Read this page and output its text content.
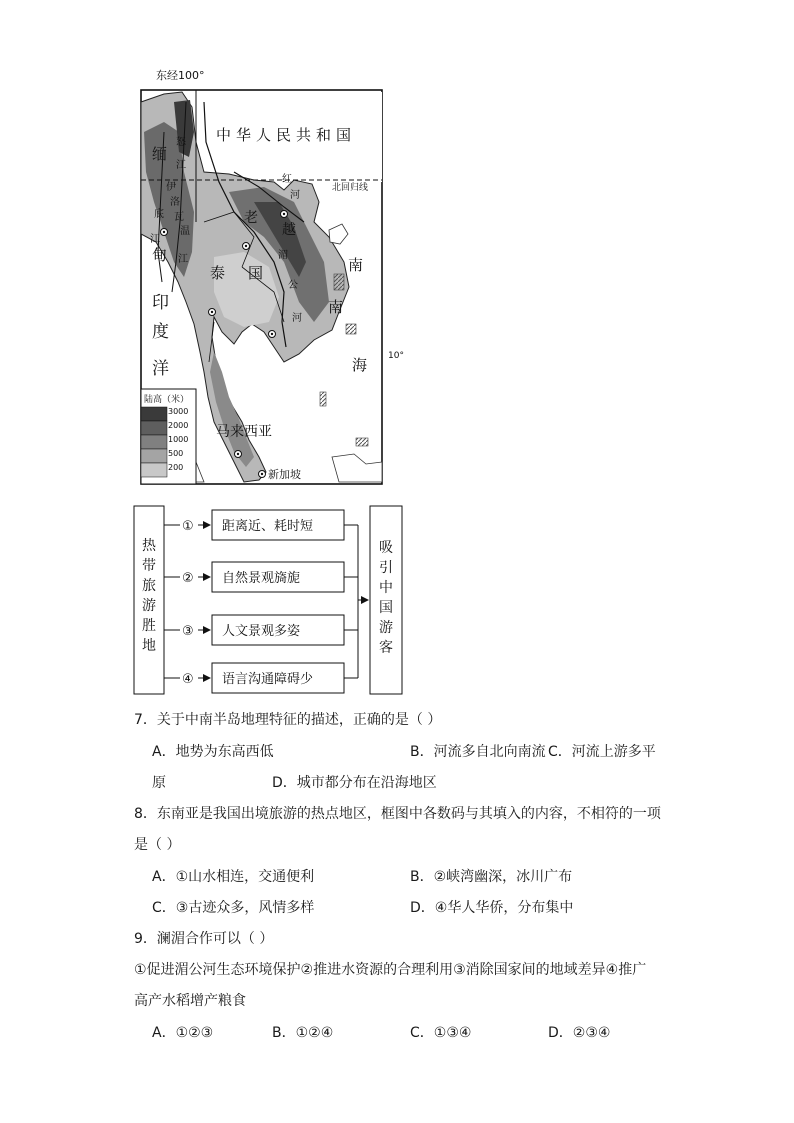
东经100°
中华人民共和国
北回归线
10°
缅
甸
怒
江
伊
洛
瓦
底
江
温
江
红
河
老
越
泰 国
湄
公
河
南
印
度
洋
南
海
马来西亚
新加坡
陆高（米）
3000
2000
1000
500
200
热
带
旅
游
胜
地
吸
引
中
国
游
客
① 距离近、耗时短
② 自然景观旖旎
③ 人文景观多姿
④ 语言沟通障碍少
7．关于中南半岛地理特征的描述，正确的是（ ）
A．地势为东高西低	B．河流多自北向南流 C．河流上游多平
原	D．城市都分布在沿海地区
8．东南亚是我国出境旅游的热点地区，框图中各数码与其填入的内容，不相符的一项
是（ ）
A．①山水相连，交通便利	B．②峡湾幽深，冰川广布
C．③古迹众多，风情多样	D．④华人华侨，分布集中
9．澜湄合作可以（ ）
①促进湄公河生态环境保护②推进水资源的合理利用③消除国家间的地域差异④推广
高产水稻增产粮食
A．①②③	B．①②④	C．①③④	D．②③④
